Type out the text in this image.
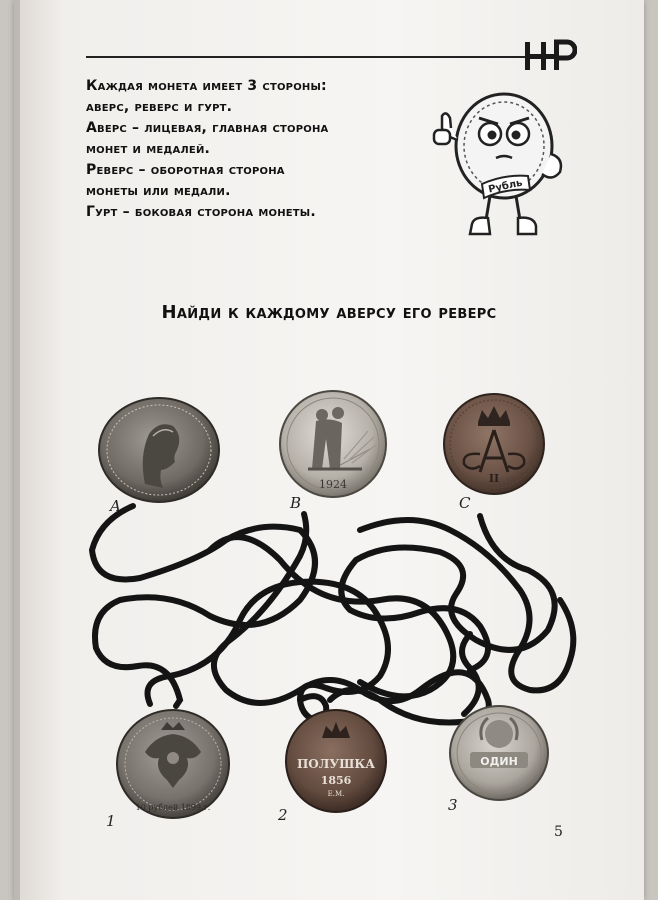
Каждая монета имеет 3 стороны:
аверс, реверс и гурт.
Аверс – лицевая, главная сторона
монет и медалей.
Реверс – оборотная сторона
монеты или медали.
Гурт – боковая сторона монеты.
Рубль
Найди к каждому аверсу его реверс
A
1924
B
II
C
10 рублей 1899 г.
1
ПОЛУШКА
1856
Е.М.
2
ОДИН
3
5
